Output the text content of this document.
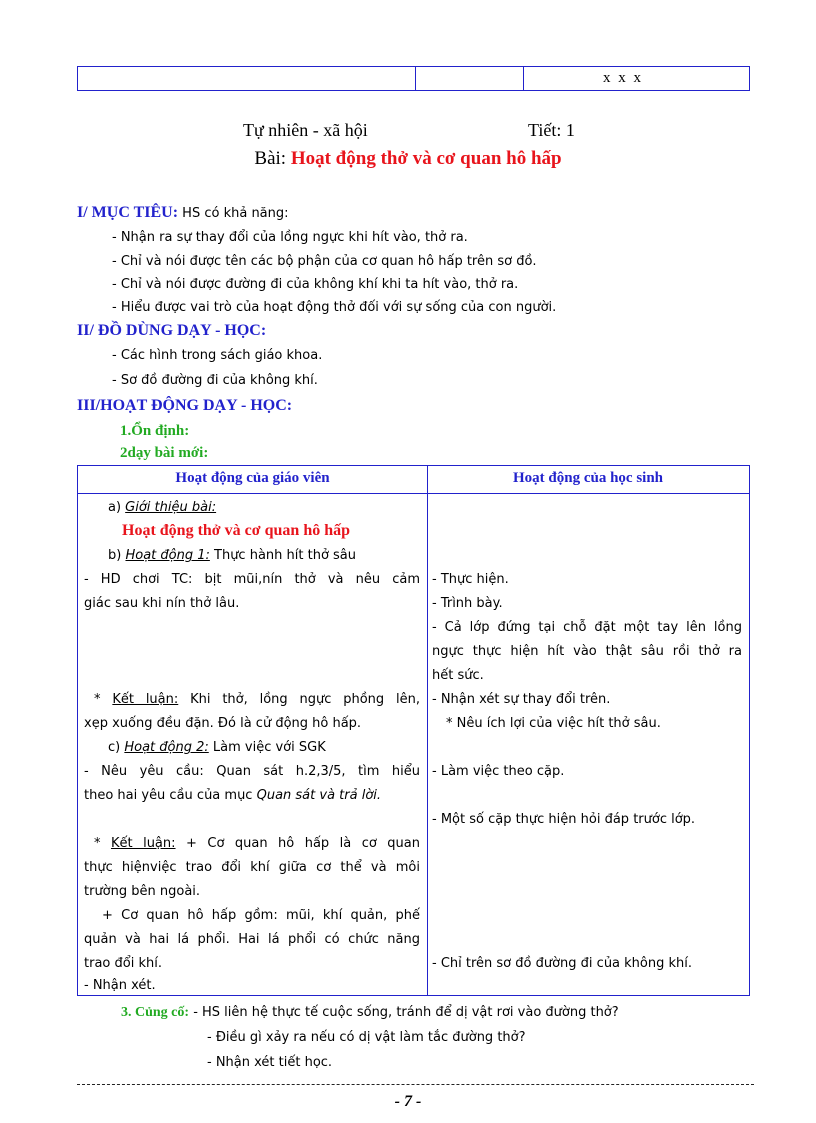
x x x
Tự nhiên - xã hội	Tiết: 1
Bài: Hoạt động thở và cơ quan hô hấp
I/ MỤC TIÊU: HS có khả năng:
- Nhận ra sự thay đổi của lồng ngực khi hít vào, thở ra.
- Chỉ và nói được tên các bộ phận của cơ quan hô hấp trên sơ đồ.
- Chỉ và nói được đường đi của không khí khi ta hít vào, thở ra.
- Hiểu được vai trò của hoạt động thở đối với sự sống của con người.
II/ ĐỒ DÙNG DẠY - HỌC:
- Các hình trong sách giáo khoa.
- Sơ đồ đường đi của không khí.
III/HOẠT ĐỘNG DẠY - HỌC:
1.Ổn định:
2dạy bài mới:
Hoạt động của giáo viên	Hoạt động của học sinh
a) Giới thiệu bài:
Hoạt động thở và cơ quan hô hấp
b) Hoạt động 1: Thực hành hít thở sâu
- HD chơi TC: bịt mũi,nín thở và nêu cảm
giác sau khi nín thở lâu.
* Kết luận: Khi thở, lồng ngực phồng lên,
xẹp xuống đều đặn. Đó là cử động hô hấp.
c) Hoạt động 2: Làm việc với SGK
- Nêu yêu cầu: Quan sát h.2,3/5, tìm hiểu
theo hai yêu cầu của mục Quan sát và trả lời.
* Kết luận: + Cơ quan hô hấp là cơ quan
thực hiệnviệc trao đổi khí giữa cơ thể và môi
trường bên ngoài.
+ Cơ quan hô hấp gồm: mũi, khí quản, phế
quản và hai lá phổi. Hai lá phổi có chức năng
trao đổi khí.
- Nhận xét.
- Thực hiện.
- Trình bày.
- Cả lớp đứng tại chỗ đặt một tay lên lồng
ngực thực hiện hít vào thật sâu rồi thở ra
hết sức.
- Nhận xét sự thay đổi trên.
* Nêu ích lợi của việc hít thở sâu.
- Làm việc theo cặp.
- Một số cặp thực hiện hỏi đáp trước lớp.
- Chỉ trên sơ đồ đường đi của không khí.
3. Củng cố: - HS liên hệ thực tế cuộc sống, tránh để dị vật rơi vào đường thở?
- Điều gì xảy ra nếu có dị vật làm tắc đường thở?
- Nhận xét tiết học.
- 7 -
